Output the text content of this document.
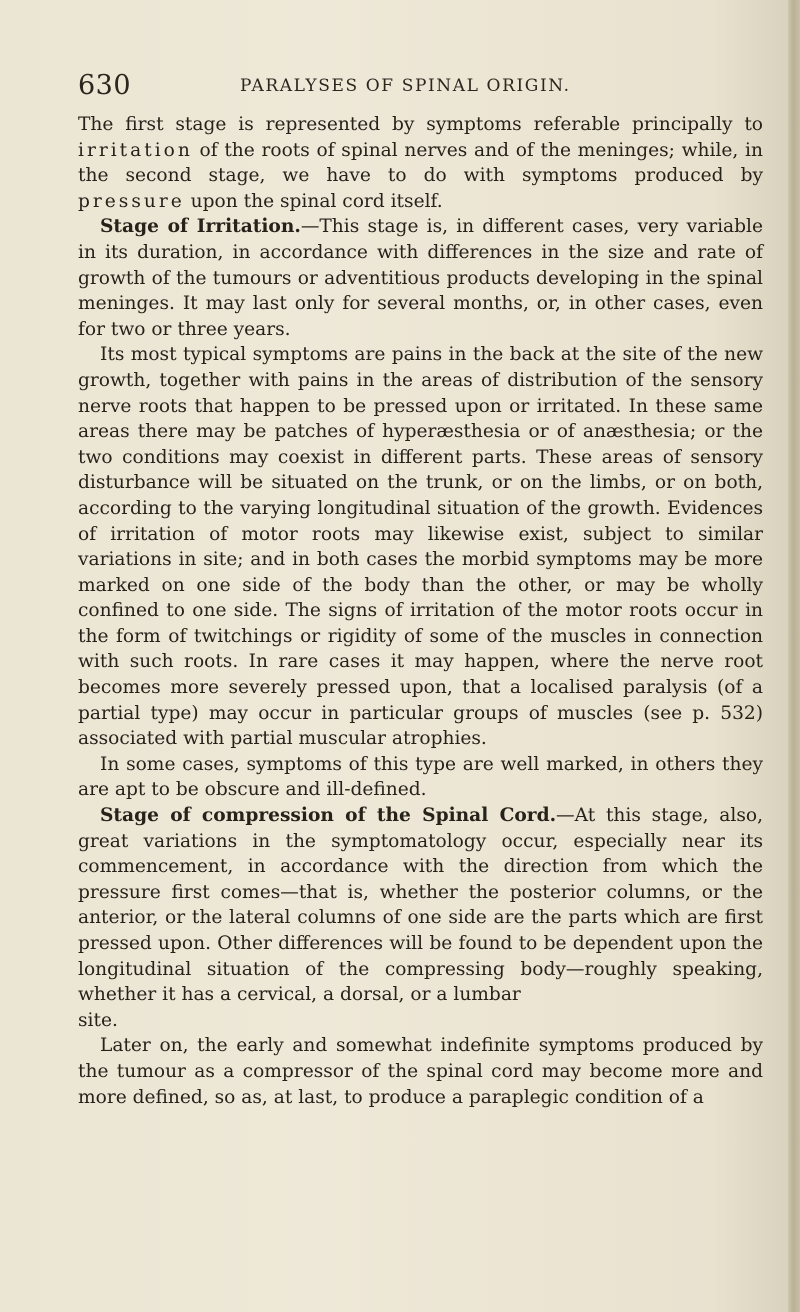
630	PARALYSES OF SPINAL ORIGIN.

The first stage is represented by symptoms referable principally to irritation of the roots of spinal nerves and of the meninges; while, in the second stage, we have to do with symptoms produced by pressure upon the spinal cord itself.

Stage of Irritation.—This stage is, in different cases, very variable in its duration, in accordance with differences in the size and rate of growth of the tumours or adventitious products developing in the spinal meninges. It may last only for several months, or, in other cases, even for two or three years.

Its most typical symptoms are pains in the back at the site of the new growth, together with pains in the areas of distribution of the sensory nerve roots that happen to be pressed upon or irritated. In these same areas there may be patches of hyperæsthesia or of anæsthesia; or the two conditions may coexist in different parts. These areas of sensory disturbance will be situated on the trunk, or on the limbs, or on both, according to the varying longitudinal situation of the growth. Evidences of irritation of motor roots may likewise exist, subject to similar variations in site; and in both cases the morbid symptoms may be more marked on one side of the body than the other, or may be wholly confined to one side. The signs of irritation of the motor roots occur in the form of twitchings or rigidity of some of the muscles in connection with such roots. In rare cases it may happen, where the nerve root becomes more severely pressed upon, that a localised paralysis (of a partial type) may occur in particular groups of muscles (see p. 532) associated with partial muscular atrophies.

In some cases, symptoms of this type are well marked, in others they are apt to be obscure and ill-defined.

Stage of compression of the Spinal Cord.—At this stage, also, great variations in the symptomatology occur, especially near its commencement, in accordance with the direction from which the pressure first comes—that is, whether the posterior columns, or the anterior, or the lateral columns of one side are the parts which are first pressed upon. Other differences will be found to be dependent upon the longitudinal situation of the compressing body—roughly speaking, whether it has a cervical, a dorsal, or a lumbar

site.

Later on, the early and somewhat indefinite symptoms produced by the tumour as a compressor of the spinal cord may become more and more defined, so as, at last, to produce a paraplegic condition of a
